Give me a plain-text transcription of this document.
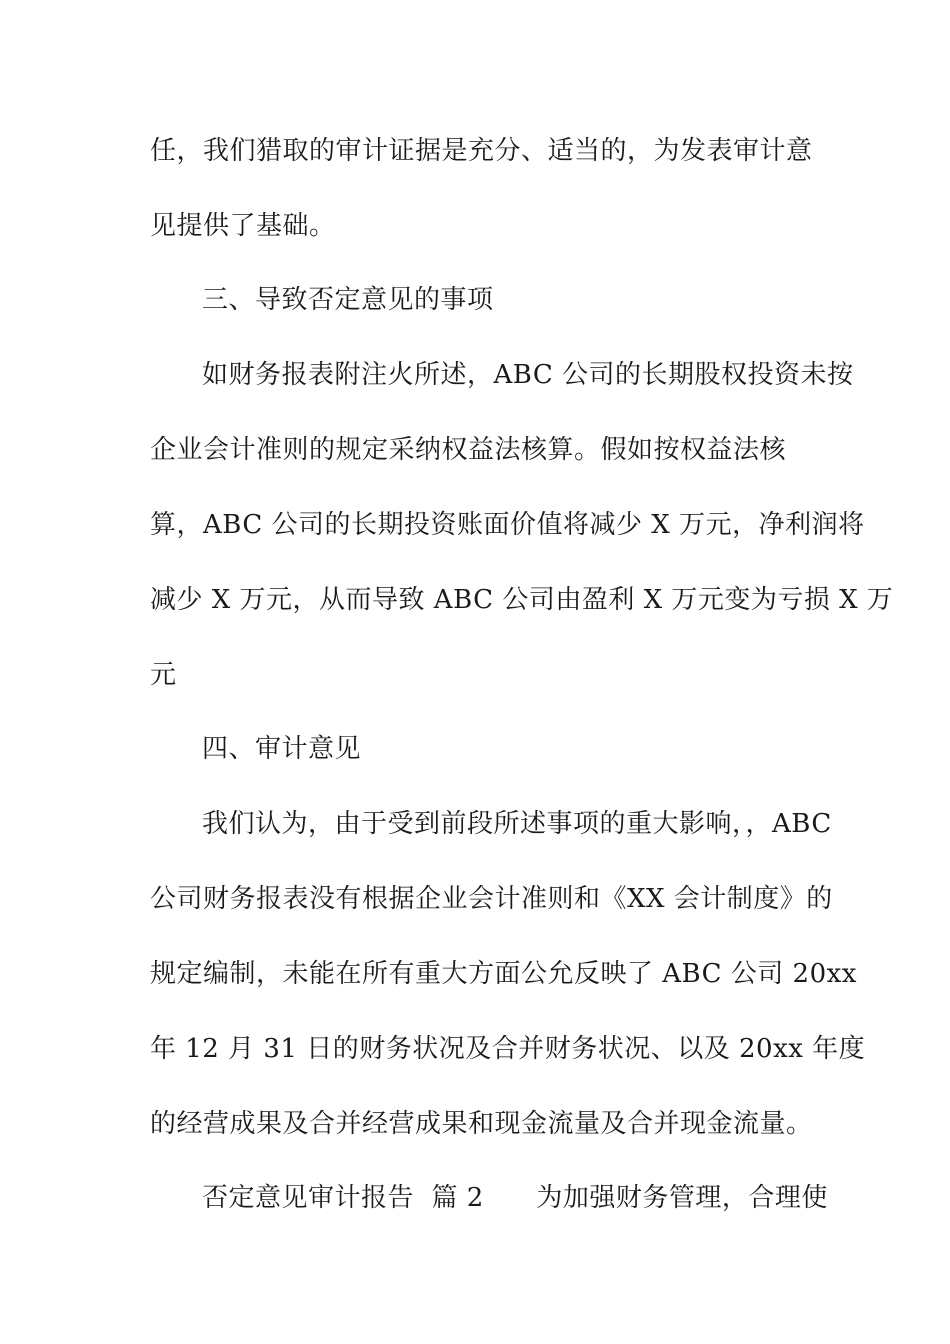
任，我们猎取的审计证据是充分、适当的，为发表审计意
见提供了基础。
三、导致否定意见的事项
如财务报表附注火所述，ABC 公司的长期股权投资未按
企业会计准则的规定采纳权益法核算。假如按权益法核
算，ABC 公司的长期投资账面价值将减少 X 万元，净利润将
减少 X 万元，从而导致 ABC 公司由盈利 X 万元变为亏损 X 万
元
四、审计意见
我们认为，由于受到前段所述事项的重大影响，，ABC
公司财务报表没有根据企业会计准则和《XX 会计制度》的
规定编制，未能在所有重大方面公允反映了 ABC 公司 20xx
年 12 月 31 日的财务状况及合并财务状况、以及 20xx 年度
的经营成果及合并经营成果和现金流量及合并现金流量。
否定意见审计报告  篇 2      为加强财务管理，合理使
